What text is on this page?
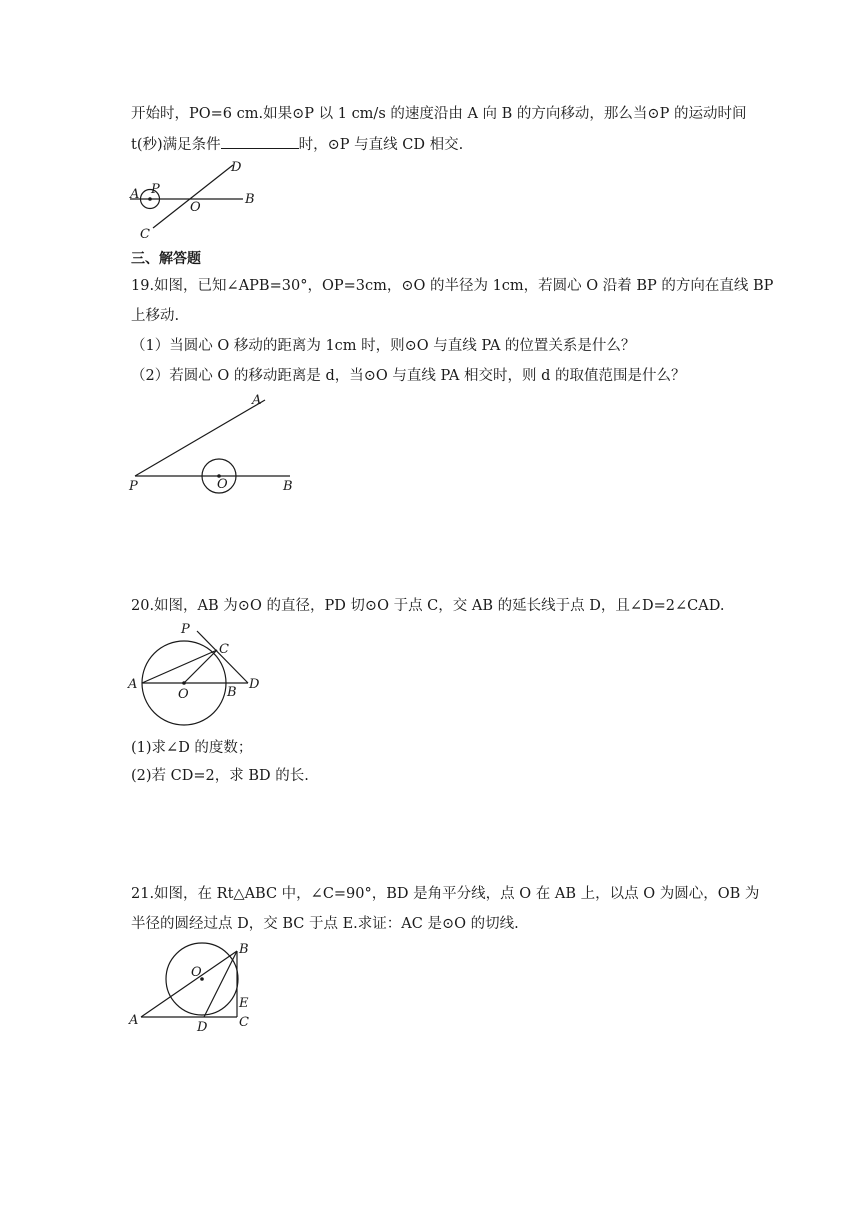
开始时，PO=6 cm.如果⊙P 以 1 cm/s 的速度沿由 A 向 B 的方向移动，那么当⊙P 的运动时间
t(秒)满足条件	时，⊙P 与直线 CD 相交.
A P
O
B
C
D
三、解答题
19.如图，已知∠APB=30°，OP=3cm，⊙O 的半径为 1cm，若圆心 O 沿着 BP 的方向在直线 BP
上移动.
（1）当圆心 O 移动的距离为 1cm 时，则⊙O 与直线 PA 的位置关系是什么？
（2）若圆心 O 的移动距离是 d，当⊙O 与直线 PA 相交时，则 d 的取值范围是什么？
A
P	O	B
20.如图，AB 为⊙O 的直径，PD 切⊙O 于点 C，交 AB 的延长线于点 D，且∠D=2∠CAD.
P
C
A
O	B
D
(1)求∠D 的度数；
(2)若 CD=2，求 BD 的长.
21.如图，在 Rt△ABC 中，∠C=90°，BD 是角平分线，点 O 在 AB 上，以点 O 为圆心，OB 为
半径的圆经过点 D，交 BC 于点 E.求证：AC 是⊙O 的切线.
B
O
E
A	D C
